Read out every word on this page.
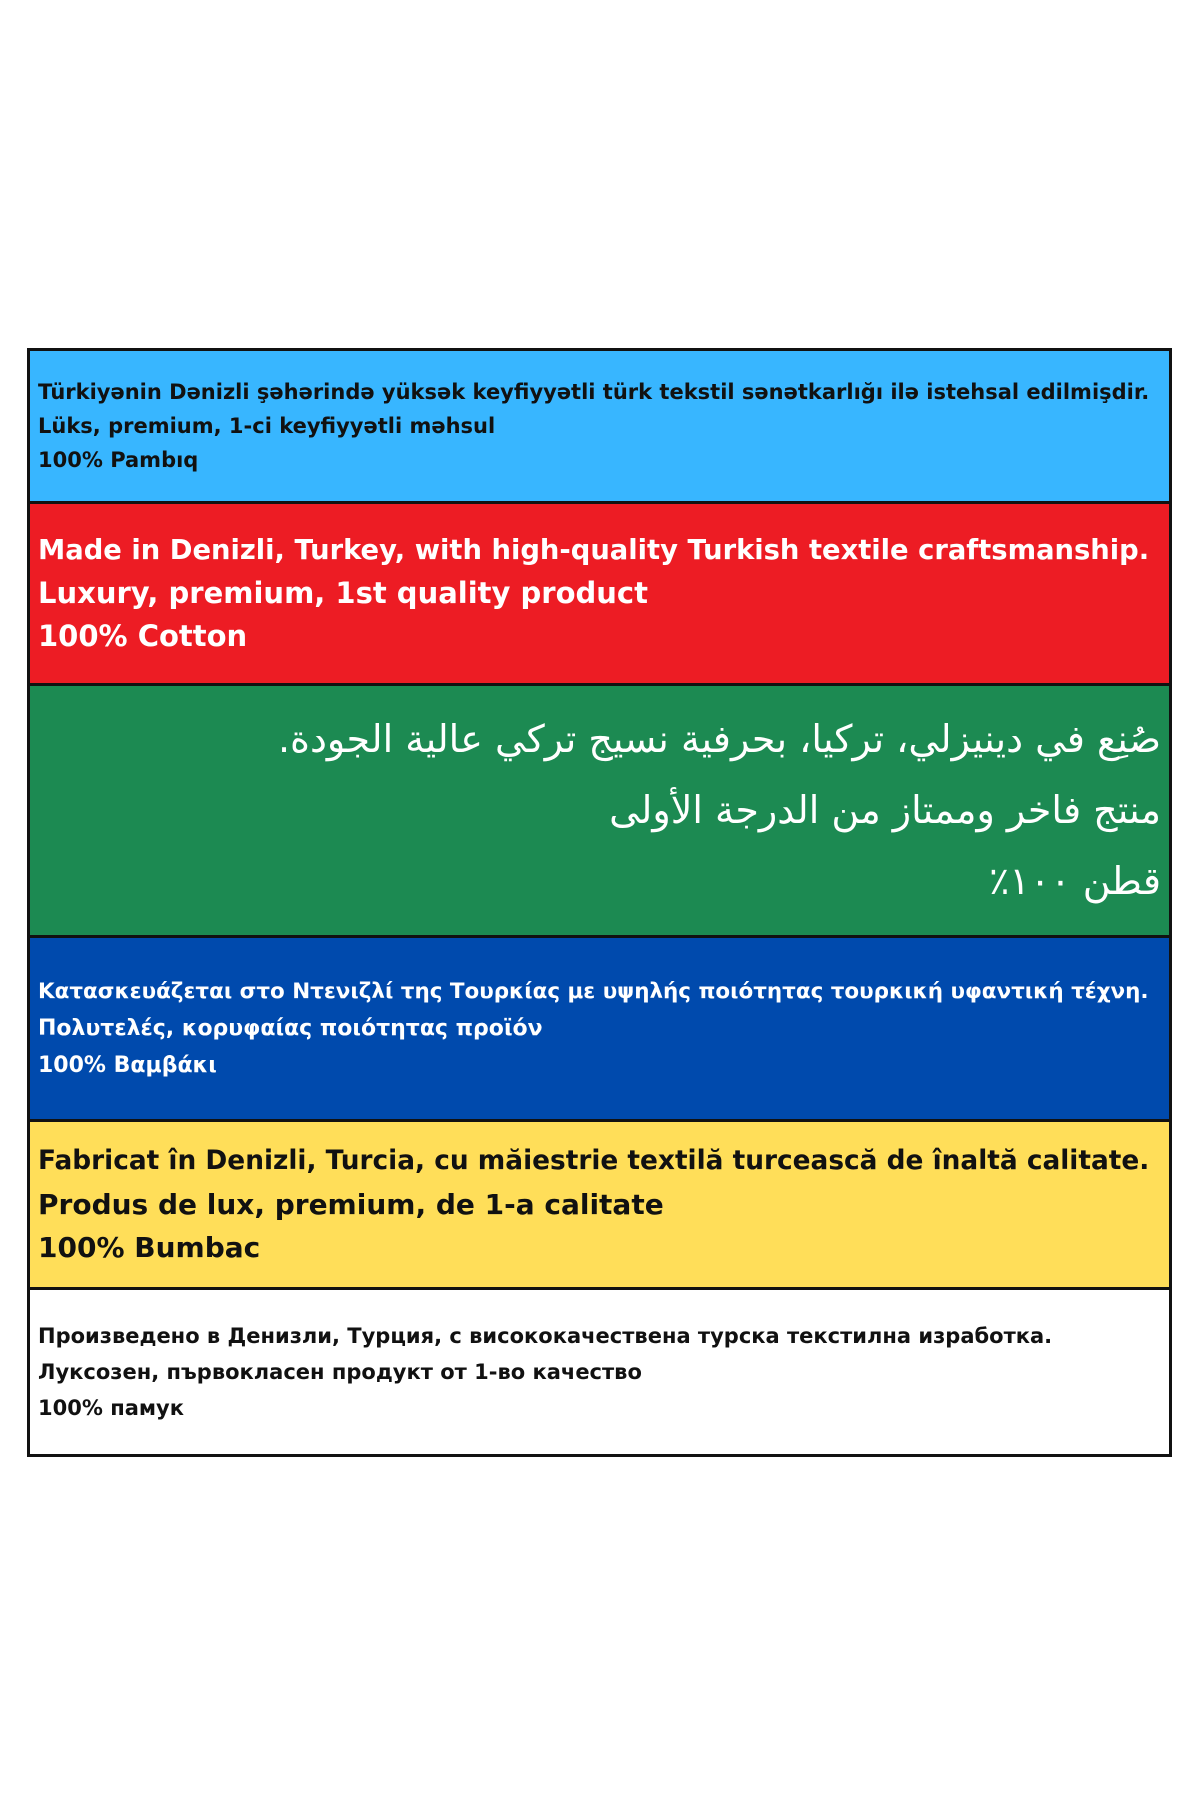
Türkiyənin Dənizli şəhərində yüksək keyfiyyətli türk tekstil sənətkarlığı ilə istehsal edilmişdir.
Lüks, premium, 1-ci keyfiyyətli məhsul
100% Pambıq
Made in Denizli, Turkey, with high-quality Turkish textile craftsmanship.
Luxury, premium, 1st quality product
100% Cotton
صُنِع في دينيزلي، تركيا، بحرفية نسيج تركي عالية الجودة.
منتج فاخر وممتاز من الدرجة الأولى
قطن ١٠٠٪
Κατασκευάζεται στο Ντενιζλί της Τουρκίας με υψηλής ποιότητας τουρκική υφαντική τέχνη.
Πολυτελές, κορυφαίας ποιότητας προϊόν
100% Βαμβάκι
Fabricat în Denizli, Turcia, cu măiestrie textilă turcească de înaltă calitate.
Produs de lux, premium, de 1-a calitate
100% Bumbac
Произведено в Денизли, Турция, с висококачествена турска текстилна изработка.
Луксозен, първокласен продукт от 1-во качество
100% памук
